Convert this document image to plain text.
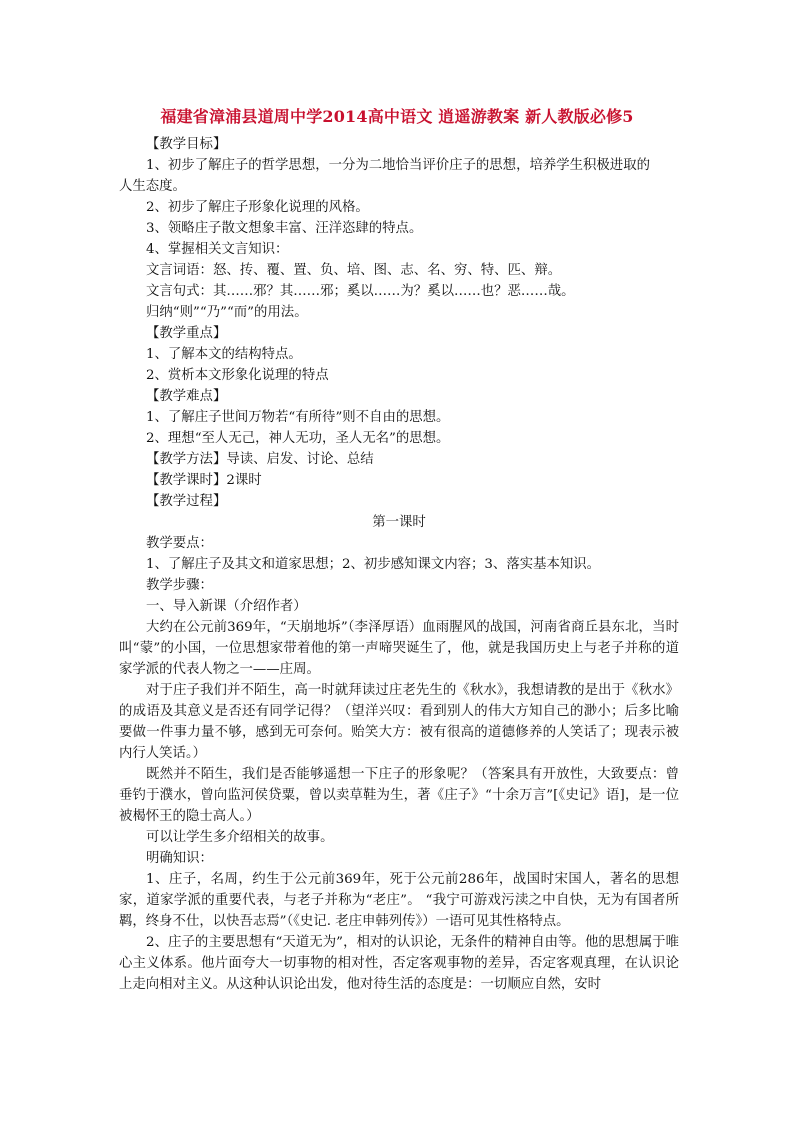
福建省漳浦县道周中学2014高中语文 逍遥游教案 新人教版必修5
【教学目标】
1、初步了解庄子的哲学思想，一分为二地恰当评价庄子的思想，培养学生积极进取的
人生态度。
2、初步了解庄子形象化说理的风格。
3、领略庄子散文想象丰富、汪洋恣肆的特点。
4、掌握相关文言知识：
文言词语：怒、抟、覆、置、负、培、图、志、名、穷、特、匹、辩。
文言句式：其……邪？其……邪；奚以……为？奚以……也？恶……哉。
归纳“则”“乃”“而”的用法。
【教学重点】
1、了解本文的结构特点。
2、赏析本文形象化说理的特点
【教学难点】
1、了解庄子世间万物若“有所待”则不自由的思想。
2、理想“至人无己，神人无功，圣人无名”的思想。
【教学方法】导读、启发、讨论、总结
【教学课时】2课时
【教学过程】
第一课时
教学要点：
1、了解庄子及其文和道家思想；2、初步感知课文内容；3、落实基本知识。
教学步骤：
一、导入新课（介绍作者）

大约在公元前369年，“天崩地坼”（李泽厚语）血雨腥风的战国，河南省商丘县东北，当时叫“蒙”的小国，一位思想家带着他的第一声啼哭诞生了，他，就是我国历史上与老子并称的道家学派的代表人物之一——庄周。

对于庄子我们并不陌生，高一时就拜读过庄老先生的《秋水》，我想请教的是出于《秋水》的成语及其意义是否还有同学记得？（望洋兴叹：看到别人的伟大方知自己的渺小；后多比喻要做一件事力量不够，感到无可奈何。贻笑大方：被有很高的道德修养的人笑话了；现表示被内行人笑话。）

既然并不陌生，我们是否能够遥想一下庄子的形象呢？（答案具有开放性，大致要点：曾垂钓于濮水，曾向监河侯贷粟，曾以卖草鞋为生，著《庄子》“十余万言”[《史记》语]，是一位被楬怀王的隐士高人。）

可以让学生多介绍相关的故事。

明确知识：

1、庄子，名周，约生于公元前369年，死于公元前286年，战国时宋国人，著名的思想家，道家学派的重要代表，与老子并称为“老庄”。 “我宁可游戏污渎之中自快，无为有国者所羁，终身不仕，以快吾志焉”（《史记. 老庄申韩列传》）一语可见其性格特点。

2、庄子的主要思想有“天道无为”，相对的认识论，无条件的精神自由等。他的思想属于唯心主义体系。他片面夸大一切事物的相对性，否定客观事物的差异，否定客观真理，在认识论上走向相对主义。从这种认识论出发，他对待生活的态度是：一切顺应自然，安时
